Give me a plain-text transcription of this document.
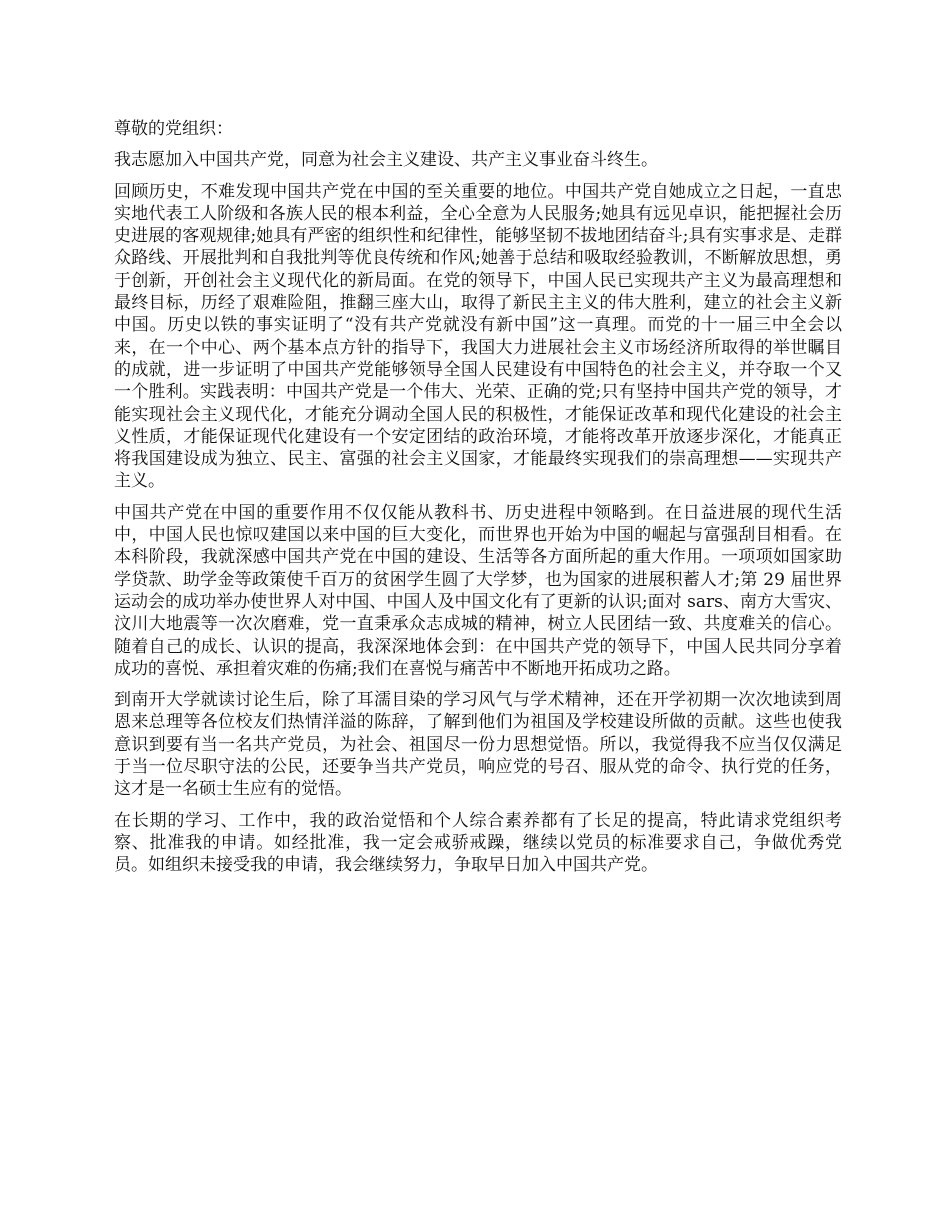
尊敬的党组织：

我志愿加入中国共产党，同意为社会主义建设、共产主义事业奋斗终生。

回顾历史，不难发现中国共产党在中国的至关重要的地位。中国共产党自她成立之日起，一直忠实地代表工人阶级和各族人民的根本利益，全心全意为人民服务;她具有远见卓识，能把握社会历史进展的客观规律;她具有严密的组织性和纪律性，能够坚韧不拔地团结奋斗;具有实事求是、走群众路线、开展批判和自我批判等优良传统和作风;她善于总结和吸取经验教训，不断解放思想，勇于创新，开创社会主义现代化的新局面。在党的领导下，中国人民已实现共产主义为最高理想和最终目标，历经了艰难险阻，推翻三座大山，取得了新民主主义的伟大胜利，建立的社会主义新中国。历史以铁的事实证明了“没有共产党就没有新中国”这一真理。而党的十一届三中全会以来，在一个中心、两个基本点方针的指导下，我国大力进展社会主义市场经济所取得的举世瞩目的成就，进一步证明了中国共产党能够领导全国人民建设有中国特色的社会主义，并夺取一个又一个胜利。实践表明：中国共产党是一个伟大、光荣、正确的党;只有坚持中国共产党的领导，才能实现社会主义现代化，才能充分调动全国人民的积极性，才能保证改革和现代化建设的社会主义性质，才能保证现代化建设有一个安定团结的政治环境，才能将改革开放逐步深化，才能真正将我国建设成为独立、民主、富强的社会主义国家，才能最终实现我们的崇高理想——实现共产主义。

中国共产党在中国的重要作用不仅仅能从教科书、历史进程中领略到。在日益进展的现代生活中，中国人民也惊叹建国以来中国的巨大变化，而世界也开始为中国的崛起与富强刮目相看。在本科阶段，我就深感中国共产党在中国的建设、生活等各方面所起的重大作用。一项项如国家助学贷款、助学金等政策使千百万的贫困学生圆了大学梦，也为国家的进展积蓄人才;第 29 届世界运动会的成功举办使世界人对中国、中国人及中国文化有了更新的认识;面对 sars、南方大雪灾、汶川大地震等一次次磨难，党一直秉承众志成城的精神，树立人民团结一致、共度难关的信心。随着自己的成长、认识的提高，我深深地体会到：在中国共产党的领导下，中国人民共同分享着成功的喜悦、承担着灾难的伤痛;我们在喜悦与痛苦中不断地开拓成功之路。

到南开大学就读讨论生后，除了耳濡目染的学习风气与学术精神，还在开学初期一次次地读到周恩来总理等各位校友们热情洋溢的陈辞，了解到他们为祖国及学校建设所做的贡献。这些也使我意识到要有当一名共产党员，为社会、祖国尽一份力思想觉悟。所以，我觉得我不应当仅仅满足于当一位尽职守法的公民，还要争当共产党员，响应党的号召、服从党的命令、执行党的任务，这才是一名硕士生应有的觉悟。

在长期的学习、工作中，我的政治觉悟和个人综合素养都有了长足的提高，特此请求党组织考察、批准我的申请。如经批准，我一定会戒骄戒躁，继续以党员的标准要求自己，争做优秀党员。如组织未接受我的申请，我会继续努力，争取早日加入中国共产党。
